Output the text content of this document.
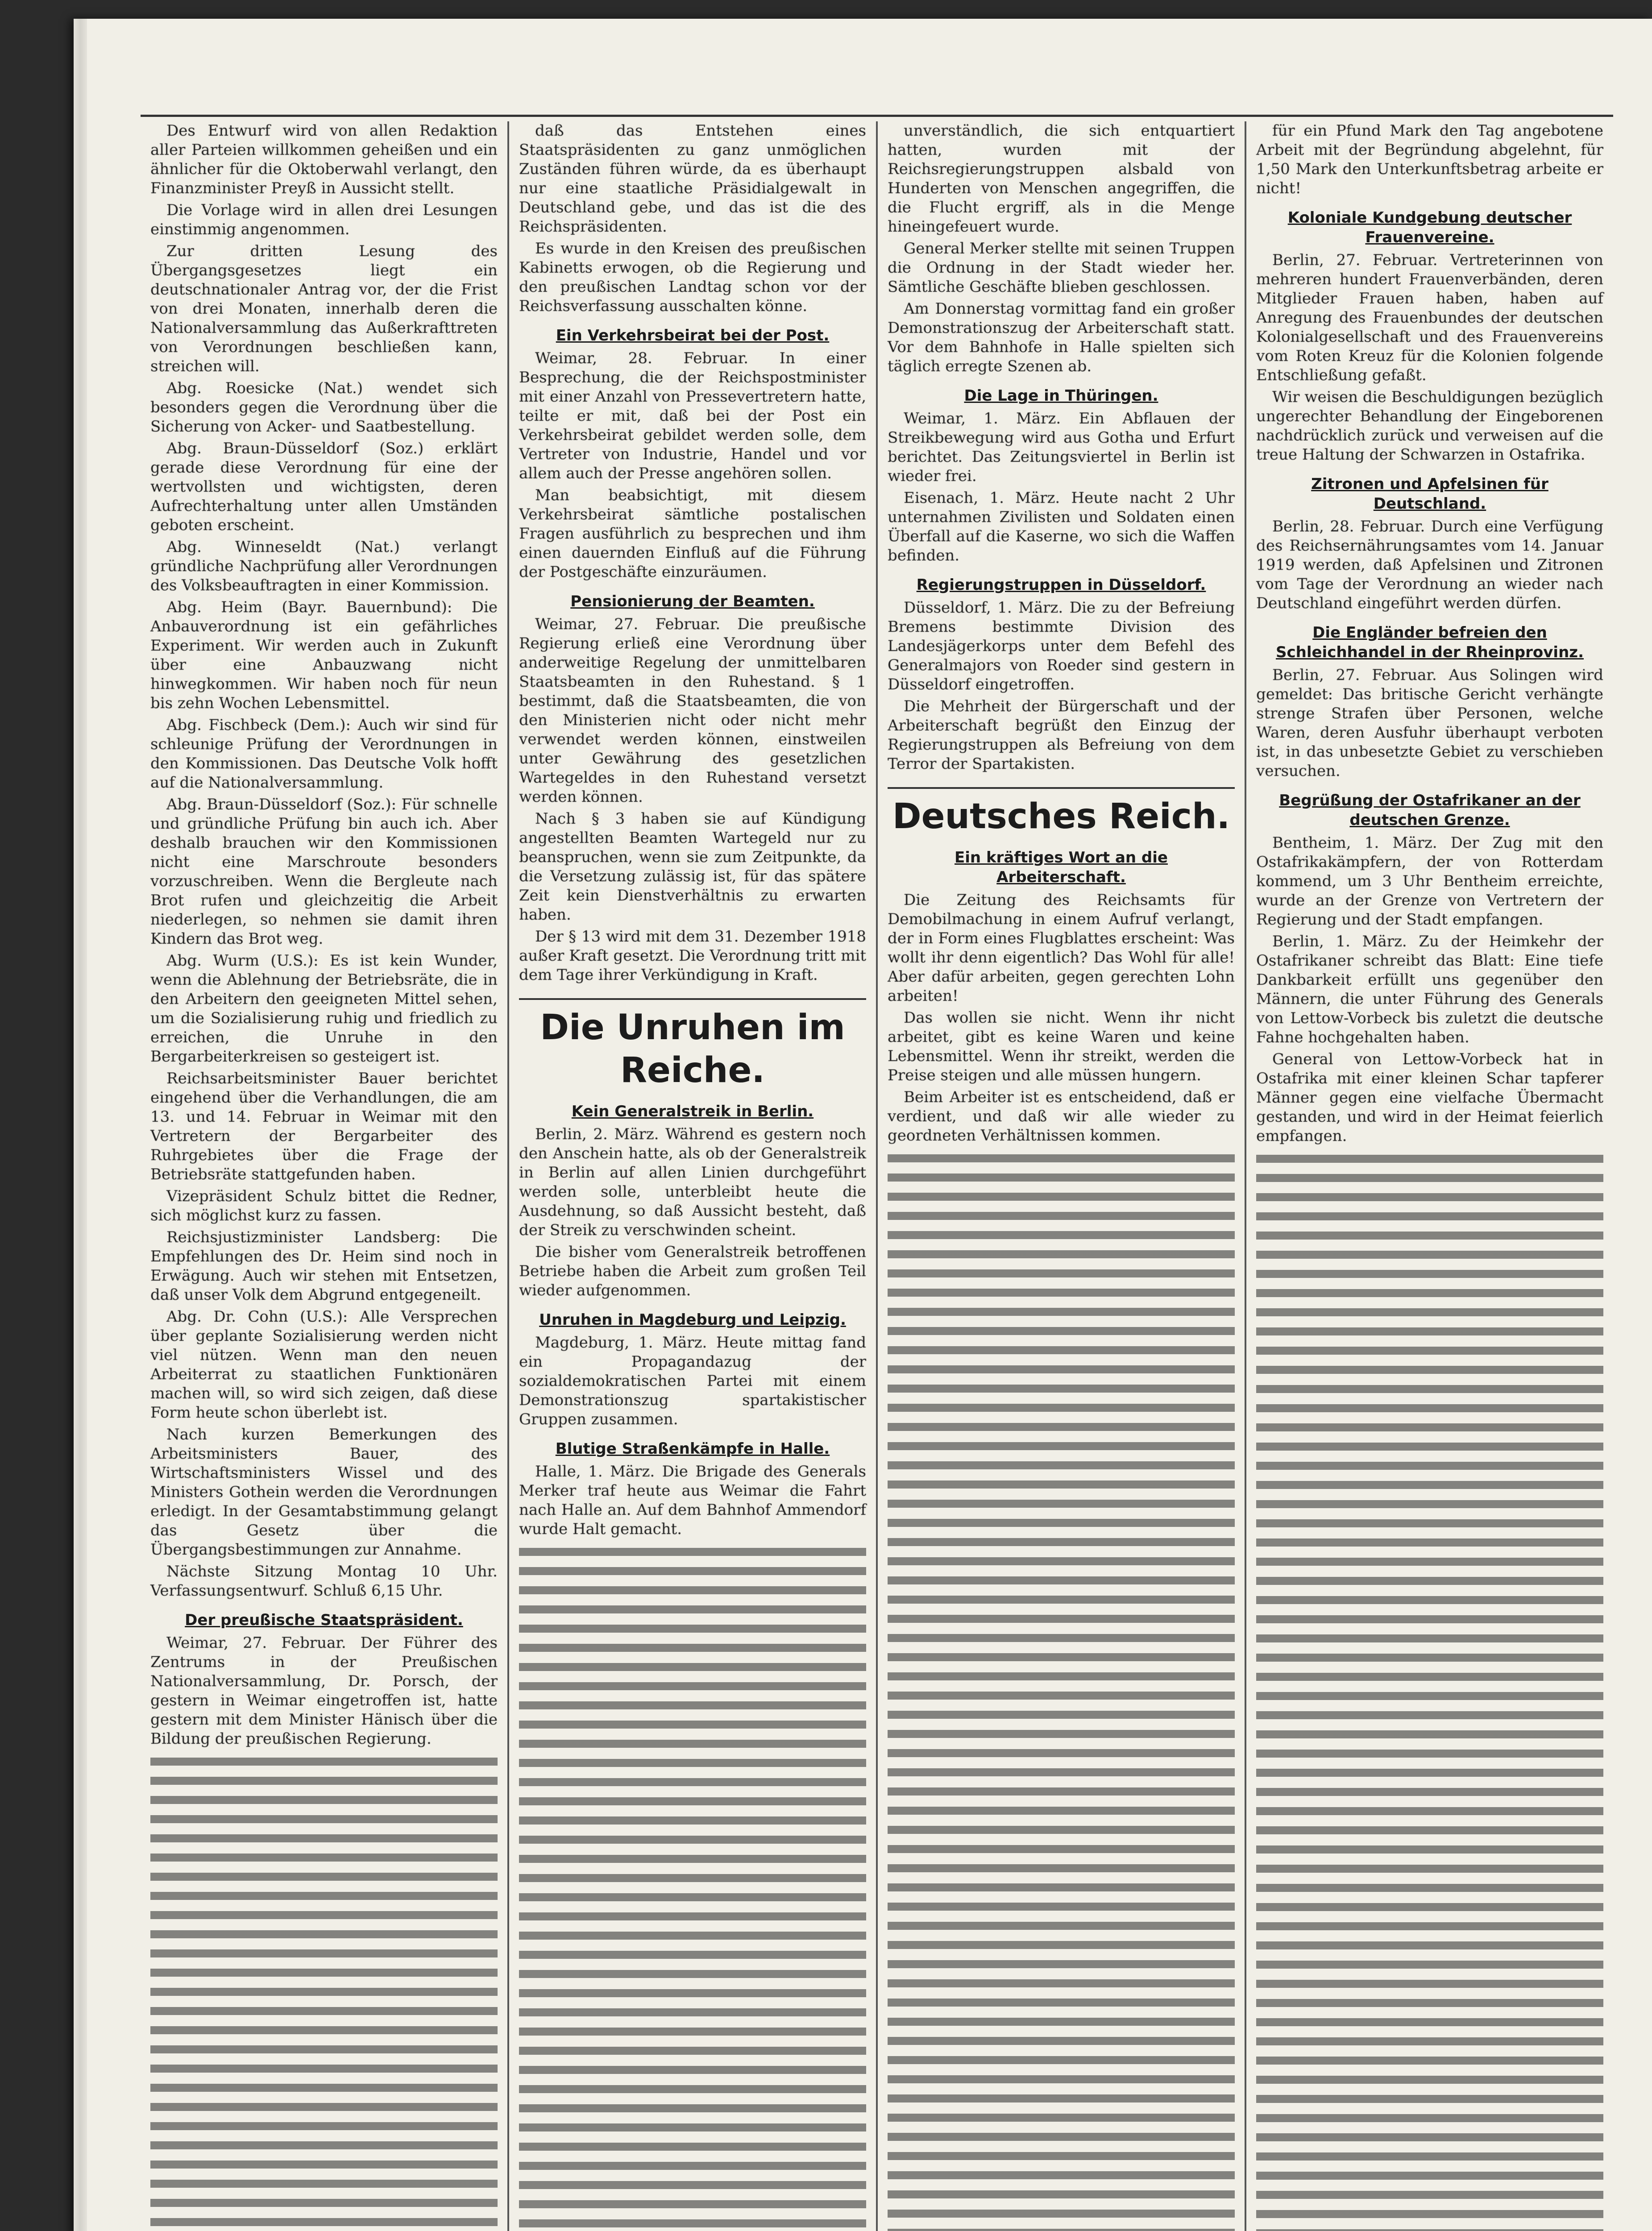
Des Entwurf wird von allen Redaktion aller Parteien willkommen geheißen und ein ähnlicher für die Oktoberwahl verlangt, den Finanzminister Preyß in Aussicht stellt.

Die Vorlage wird in allen drei Lesungen einstimmig angenommen.

Zur dritten Lesung des Übergangsgesetzes liegt ein deutschnationaler Antrag vor, der die Frist von drei Monaten, innerhalb deren die Nationalversammlung das Außerkrafttreten von Verordnungen beschließen kann, streichen will.

Abg. Roesicke (Nat.) wendet sich besonders gegen die Verordnung über die Sicherung von Acker- und Saatbestellung.

Abg. Braun-Düsseldorf (Soz.) erklärt gerade diese Verordnung für eine der wertvollsten und wichtigsten, deren Aufrechterhaltung unter allen Umständen geboten erscheint.

Abg. Winneseldt (Nat.) verlangt gründliche Nachprüfung aller Verordnungen des Volksbeauftragten in einer Kommission.

Abg. Heim (Bayr. Bauernbund): Die Anbauverordnung ist ein gefährliches Experiment. Wir werden auch in Zukunft über eine Anbauzwang nicht hinwegkommen. Wir haben noch für neun bis zehn Wochen Lebensmittel.

Abg. Fischbeck (Dem.): Auch wir sind für schleunige Prüfung der Verordnungen in den Kommissionen. Das Deutsche Volk hofft auf die Nationalversammlung.

Abg. Braun-Düsseldorf (Soz.): Für schnelle und gründliche Prüfung bin auch ich. Aber deshalb brauchen wir den Kommissionen nicht eine Marschroute besonders vorzuschreiben. Wenn die Bergleute nach Brot rufen und gleichzeitig die Arbeit niederlegen, so nehmen sie damit ihren Kindern das Brot weg.

Abg. Wurm (U.S.): Es ist kein Wunder, wenn die Ablehnung der Betriebsräte, die in den Arbeitern den geeigneten Mittel sehen, um die Sozialisierung ruhig und friedlich zu erreichen, die Unruhe in den Bergarbeiterkreisen so gesteigert ist.

Reichsarbeitsminister Bauer berichtet eingehend über die Verhandlungen, die am 13. und 14. Februar in Weimar mit den Vertretern der Bergarbeiter des Ruhrgebietes über die Frage der Betriebsräte stattgefunden haben.

Vizepräsident Schulz bittet die Redner, sich möglichst kurz zu fassen.

Reichsjustizminister Landsberg: Die Empfehlungen des Dr. Heim sind noch in Erwägung. Auch wir stehen mit Entsetzen, daß unser Volk dem Abgrund entgegeneilt.

Abg. Dr. Cohn (U.S.): Alle Versprechen über geplante Sozialisierung werden nicht viel nützen. Wenn man den neuen Arbeiterrat zu staatlichen Funktionären machen will, so wird sich zeigen, daß diese Form heute schon überlebt ist.

Nach kurzen Bemerkungen des Arbeitsministers Bauer, des Wirtschaftsministers Wissel und des Ministers Gothein werden die Verordnungen erledigt. In der Gesamtabstimmung gelangt das Gesetz über die Übergangsbestimmungen zur Annahme.

Nächste Sitzung Montag 10 Uhr. Verfassungsentwurf. Schluß 6,15 Uhr.

Der preußische Staatspräsident.

Weimar, 27. Februar. Der Führer des Zentrums in der Preußischen Nationalversammlung, Dr. Porsch, der gestern in Weimar eingetroffen ist, hatte gestern mit dem Minister Hänisch über die Bildung der preußischen Regierung.

daß das Entstehen eines Staatspräsidenten zu ganz unmöglichen Zuständen führen würde, da es überhaupt nur eine staatliche Präsidialgewalt in Deutschland gebe, und das ist die des Reichspräsidenten.

Es wurde in den Kreisen des preußischen Kabinetts erwogen, ob die Regierung und den preußischen Landtag schon vor der Reichsverfassung ausschalten könne.

Ein Verkehrsbeirat bei der Post.

Weimar, 28. Februar. In einer Besprechung, die der Reichspostminister mit einer Anzahl von Pressevertretern hatte, teilte er mit, daß bei der Post ein Verkehrsbeirat gebildet werden solle, dem Vertreter von Industrie, Handel und vor allem auch der Presse angehören sollen.

Man beabsichtigt, mit diesem Verkehrsbeirat sämtliche postalischen Fragen ausführlich zu besprechen und ihm einen dauernden Einfluß auf die Führung der Postgeschäfte einzuräumen.

Pensionierung der Beamten.

Weimar, 27. Februar. Die preußische Regierung erließ eine Verordnung über anderweitige Regelung der unmittelbaren Staatsbeamten in den Ruhestand. § 1 bestimmt, daß die Staatsbeamten, die von den Ministerien nicht oder nicht mehr verwendet werden können, einstweilen unter Gewährung des gesetzlichen Wartegeldes in den Ruhestand versetzt werden können.

Nach § 3 haben sie auf Kündigung angestellten Beamten Wartegeld nur zu beanspruchen, wenn sie zum Zeitpunkte, da die Versetzung zulässig ist, für das spätere Zeit kein Dienstverhältnis zu erwarten haben.

Der § 13 wird mit dem 31. Dezember 1918 außer Kraft gesetzt. Die Verordnung tritt mit dem Tage ihrer Verkündigung in Kraft.

Die Unruhen im Reiche.
Kein Generalstreik in Berlin.

Berlin, 2. März. Während es gestern noch den Anschein hatte, als ob der Generalstreik in Berlin auf allen Linien durchgeführt werden solle, unterbleibt heute die Ausdehnung, so daß Aussicht besteht, daß der Streik zu verschwinden scheint.

Die bisher vom Generalstreik betroffenen Betriebe haben die Arbeit zum großen Teil wieder aufgenommen.

Unruhen in Magdeburg und Leipzig.

Magdeburg, 1. März. Heute mittag fand ein Propagandazug der sozialdemokratischen Partei mit einem Demonstrationszug spartakistischer Gruppen zusammen.

Blutige Straßenkämpfe in Halle.

Halle, 1. März. Die Brigade des Generals Merker traf heute aus Weimar die Fahrt nach Halle an. Auf dem Bahnhof Ammendorf wurde Halt gemacht.

unverständlich, die sich entquartiert hatten, wurden mit der Reichsregierungstruppen alsbald von Hunderten von Menschen angegriffen, die die Flucht ergriff, als in die Menge hineingefeuert wurde.

General Merker stellte mit seinen Truppen die Ordnung in der Stadt wieder her. Sämtliche Geschäfte blieben geschlossen.

Am Donnerstag vormittag fand ein großer Demonstrationszug der Arbeiterschaft statt. Vor dem Bahnhofe in Halle spielten sich täglich erregte Szenen ab.

Die Lage in Thüringen.

Weimar, 1. März. Ein Abflauen der Streikbewegung wird aus Gotha und Erfurt berichtet. Das Zeitungsviertel in Berlin ist wieder frei.

Eisenach, 1. März. Heute nacht 2 Uhr unternahmen Zivilisten und Soldaten einen Überfall auf die Kaserne, wo sich die Waffen befinden.

Regierungstruppen in Düsseldorf.

Düsseldorf, 1. März. Die zu der Befreiung Bremens bestimmte Division des Landesjägerkorps unter dem Befehl des Generalmajors von Roeder sind gestern in Düsseldorf eingetroffen.

Die Mehrheit der Bürgerschaft und der Arbeiterschaft begrüßt den Einzug der Regierungstruppen als Befreiung von dem Terror der Spartakisten.

Deutsches Reich.
Ein kräftiges Wort an die Arbeiterschaft.

Die Zeitung des Reichsamts für Demobilmachung in einem Aufruf verlangt, der in Form eines Flugblattes erscheint: Was wollt ihr denn eigentlich? Das Wohl für alle! Aber dafür arbeiten, gegen gerechten Lohn arbeiten!

Das wollen sie nicht. Wenn ihr nicht arbeitet, gibt es keine Waren und keine Lebensmittel. Wenn ihr streikt, werden die Preise steigen und alle müssen hungern.

Beim Arbeiter ist es entscheidend, daß er verdient, und daß wir alle wieder zu geordneten Verhältnissen kommen.

für ein Pfund Mark den Tag angebotene Arbeit mit der Begründung abgelehnt, für 1,50 Mark den Unterkunftsbetrag arbeite er nicht!

Koloniale Kundgebung deutscher Frauenvereine.

Berlin, 27. Februar. Vertreterinnen von mehreren hundert Frauenverbänden, deren Mitglieder Frauen haben, haben auf Anregung des Frauenbundes der deutschen Kolonialgesellschaft und des Frauenvereins vom Roten Kreuz für die Kolonien folgende Entschließung gefaßt.

Wir weisen die Beschuldigungen bezüglich ungerechter Behandlung der Eingeborenen nachdrücklich zurück und verweisen auf die treue Haltung der Schwarzen in Ostafrika.

Zitronen und Apfelsinen für Deutschland.

Berlin, 28. Februar. Durch eine Verfügung des Reichsernährungsamtes vom 14. Januar 1919 werden, daß Apfelsinen und Zitronen vom Tage der Verordnung an wieder nach Deutschland eingeführt werden dürfen.

Die Engländer befreien den Schleichhandel in der Rheinprovinz.

Berlin, 27. Februar. Aus Solingen wird gemeldet: Das britische Gericht verhängte strenge Strafen über Personen, welche Waren, deren Ausfuhr überhaupt verboten ist, in das unbesetzte Gebiet zu verschieben versuchen.

Begrüßung der Ostafrikaner an der deutschen Grenze.

Bentheim, 1. März. Der Zug mit den Ostafrikakämpfern, der von Rotterdam kommend, um 3 Uhr Bentheim erreichte, wurde an der Grenze von Vertretern der Regierung und der Stadt empfangen.

Berlin, 1. März. Zu der Heimkehr der Ostafrikaner schreibt das Blatt: Eine tiefe Dankbarkeit erfüllt uns gegenüber den Männern, die unter Führung des Generals von Lettow-Vorbeck bis zuletzt die deutsche Fahne hochgehalten haben.

General von Lettow-Vorbeck hat in Ostafrika mit einer kleinen Schar tapferer Männer gegen eine vielfache Übermacht gestanden, und wird in der Heimat feierlich empfangen.
